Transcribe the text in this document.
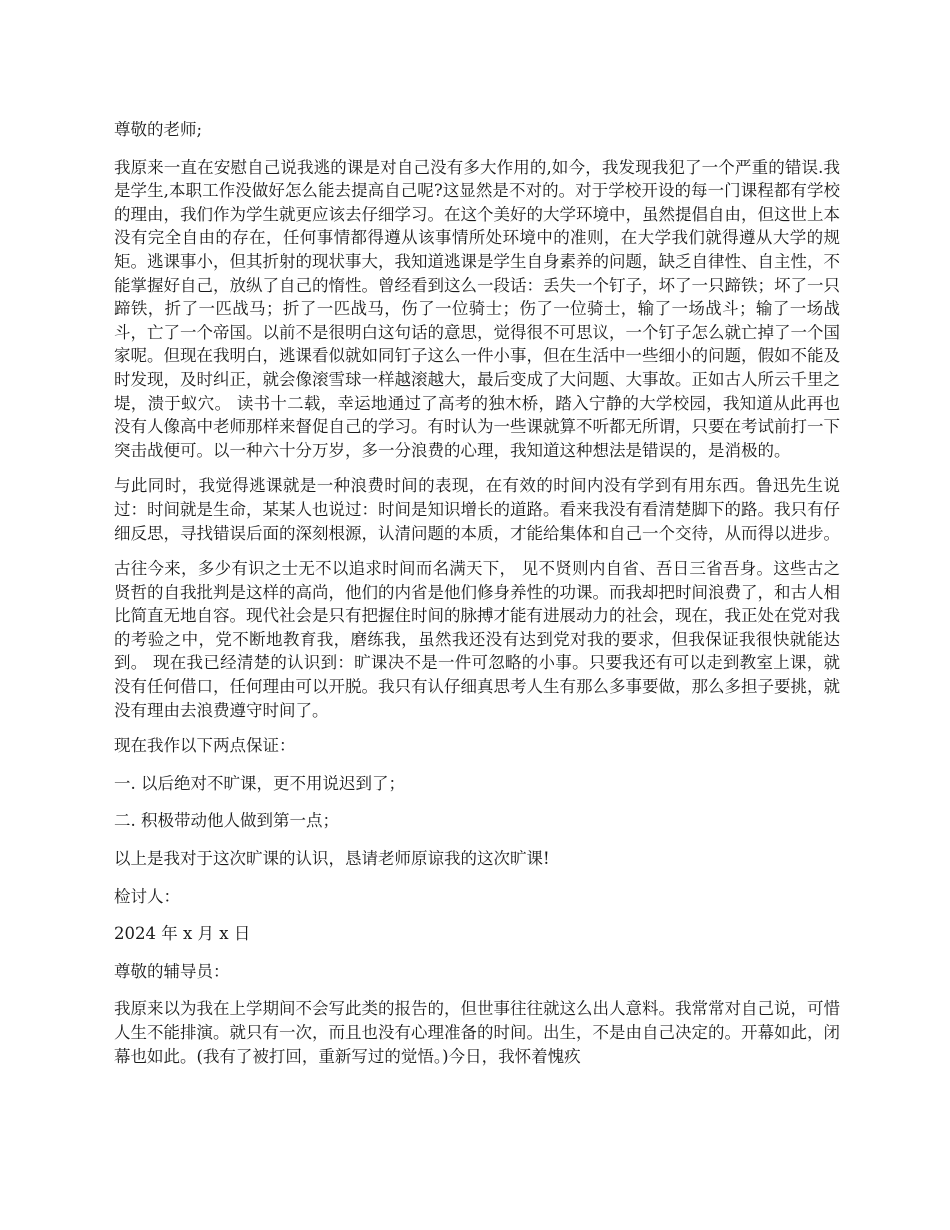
尊敬的老师;

我原来一直在安慰自己说我逃的课是对自己没有多大作用的,如今，我发现我犯了一个严重的错误.我是学生,本职工作没做好怎么能去提高自己呢?这显然是不对的。对于学校开设的每一门课程都有学校的理由，我们作为学生就更应该去仔细学习。在这个美好的大学环境中，虽然提倡自由，但这世上本没有完全自由的存在，任何事情都得遵从该事情所处环境中的准则，在大学我们就得遵从大学的规矩。逃课事小，但其折射的现状事大，我知道逃课是学生自身素养的问题，缺乏自律性、自主性，不能掌握好自己，放纵了自己的惰性。曾经看到这么一段话：丢失一个钉子，坏了一只蹄铁；坏了一只蹄铁，折了一匹战马；折了一匹战马，伤了一位骑士；伤了一位骑士，输了一场战斗；输了一场战斗，亡了一个帝国。以前不是很明白这句话的意思，觉得很不可思议，一个钉子怎么就亡掉了一个国家呢。但现在我明白，逃课看似就如同钉子这么一件小事，但在生活中一些细小的问题，假如不能及时发现，及时纠正，就会像滚雪球一样越滚越大，最后变成了大问题、大事故。正如古人所云千里之堤，溃于蚁穴。 读书十二载，幸运地通过了高考的独木桥，踏入宁静的大学校园，我知道从此再也没有人像高中老师那样来督促自己的学习。有时认为一些课就算不听都无所谓，只要在考试前打一下突击战便可。以一种六十分万岁，多一分浪费的心理，我知道这种想法是错误的，是消极的。

与此同时，我觉得逃课就是一种浪费时间的表现，在有效的时间内没有学到有用东西。鲁迅先生说过：时间就是生命，某某人也说过：时间是知识增长的道路。看来我没有看清楚脚下的路。我只有仔细反思，寻找错误后面的深刻根源，认清问题的本质，才能给集体和自己一个交待，从而得以进步。

古往今来，多少有识之士无不以追求时间而名满天下， 见不贤则内自省、吾日三省吾身。这些古之贤哲的自我批判是这样的高尚，他们的内省是他们修身养性的功课。而我却把时间浪费了，和古人相比简直无地自容。现代社会是只有把握住时间的脉搏才能有进展动力的社会，现在，我正处在党对我的考验之中，党不断地教育我，磨练我，虽然我还没有达到党对我的要求，但我保证我很快就能达到。 现在我已经清楚的认识到：旷课决不是一件可忽略的小事。只要我还有可以走到教室上课，就没有任何借口，任何理由可以开脱。我只有认仔细真思考人生有那么多事要做，那么多担子要挑，就没有理由去浪费遵守时间了。

现在我作以下两点保证：

一. 以后绝对不旷课，更不用说迟到了；

二. 积极带动他人做到第一点；

以上是我对于这次旷课的认识，恳请老师原谅我的这次旷课!

检讨人：

2024 年 x 月 x 日

尊敬的辅导员：

我原来以为我在上学期间不会写此类的报告的，但世事往往就这么出人意料。我常常对自己说，可惜人生不能排演。就只有一次，而且也没有心理准备的时间。出生，不是由自己决定的。开幕如此，闭幕也如此。(我有了被打回，重新写过的觉悟。)今日，我怀着愧疚
